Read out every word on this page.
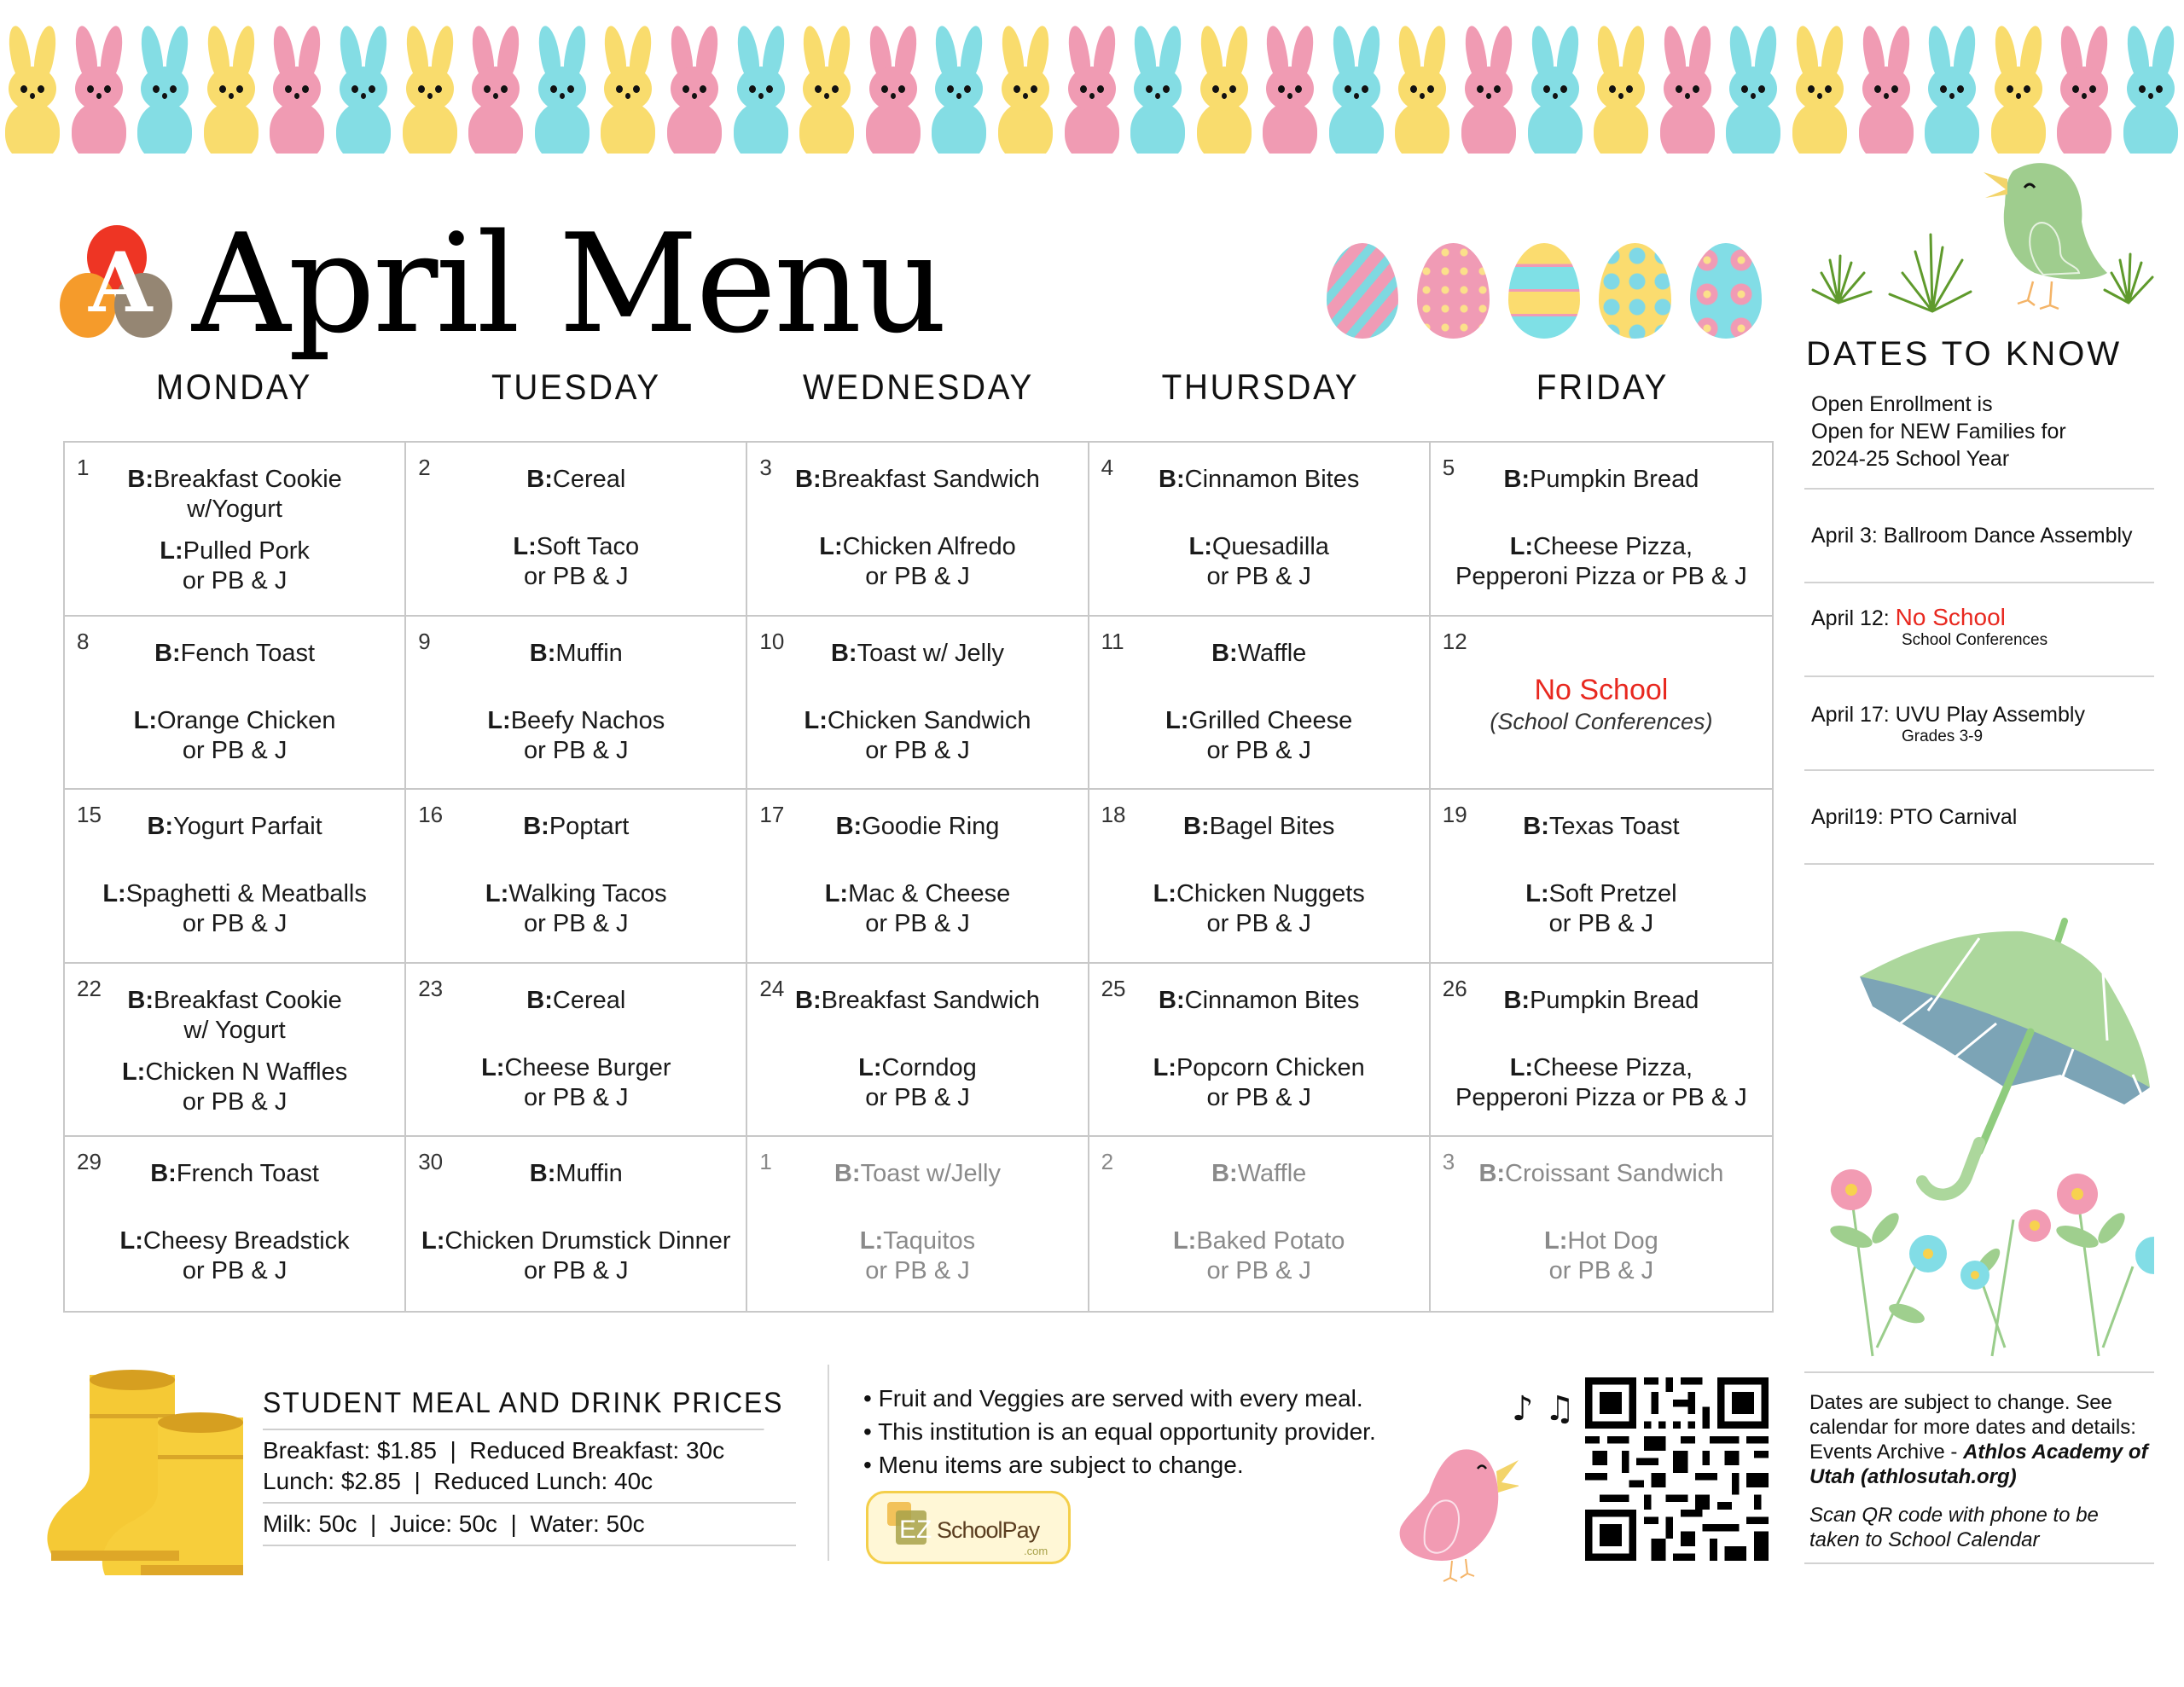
A April Menu
MONDAY	TUESDAY	WEDNESDAY	THURSDAY	FRIDAY
1	B:Breakfast Cookie
w/Yogurt
L:Pulled Pork
or PB & J
2	B:Cereal
L:Soft Taco
or PB & J
3 B:Breakfast Sandwich
L:Chicken Alfredo
or PB & J
4	B:Cinnamon Bites
L:Quesadilla
or PB & J
5	B:Pumpkin Bread
L:Cheese Pizza,
Pepperoni Pizza or PB & J
8	B:Fench Toast
L:Orange Chicken
or PB & J
9	B:Muffin
L:Beefy Nachos
or PB & J
10	B:Toast w/ Jelly
L:Chicken Sandwich
or PB & J
11	B:Waffle
L:Grilled Cheese
or PB & J
12
No School
(School Conferences)
15	B:Yogurt Parfait
L:Spaghetti & Meatballs
or PB & J
16	B:Poptart
L:Walking Tacos
or PB & J
17	B:Goodie Ring
L:Mac & Cheese
or PB & J
18	B:Bagel Bites
L:Chicken Nuggets
or PB & J
19	B:Texas Toast
L:Soft Pretzel
or PB & J
22	B:Breakfast Cookie
w/ Yogurt
L:Chicken N Waffles
or PB & J
23	B:Cereal
L:Cheese Burger
or PB & J
24 B:Breakfast Sandwich
L:Corndog
or PB & J
25	B:Cinnamon Bites
L:Popcorn Chicken
or PB & J
26	B:Pumpkin Bread
L:Cheese Pizza,
Pepperoni Pizza or PB & J
29	B:French Toast
L:Cheesy Breadstick
or PB & J
30	B:Muffin
L:Chicken Drumstick Dinner
or PB & J
1	B:Toast w/Jelly
L:Taquitos
or PB & J
2	B:Waffle
L:Baked Potato
or PB & J
3 B:Croissant Sandwich
L:Hot Dog
or PB & J
DATES TO KNOW
Open Enrollment is
Open for NEW Families for
2024-25 School Year
April 3: Ballroom Dance Assembly
April 12: No School
School Conferences
April 17: UVU Play Assembly
Grades 3-9
April19: PTO Carnival
Dates are subject to change. See calendar for more dates and details: Events Archive - Athlos Academy of Utah (athlosutah.org)
Scan QR code with phone to be taken to School Calendar
STUDENT MEAL AND DRINK PRICES
Breakfast: $1.85  |  Reduced Breakfast: 30c
Lunch: $2.85  |  Reduced Lunch: 40c
Milk: 50c  |  Juice: 50c  |  Water: 50c
• Fruit and Veggies are served with every meal.
• This institution is an equal opportunity provider.
• Menu items are subject to change.
EZ SchoolPay
.com
♪ ♫
